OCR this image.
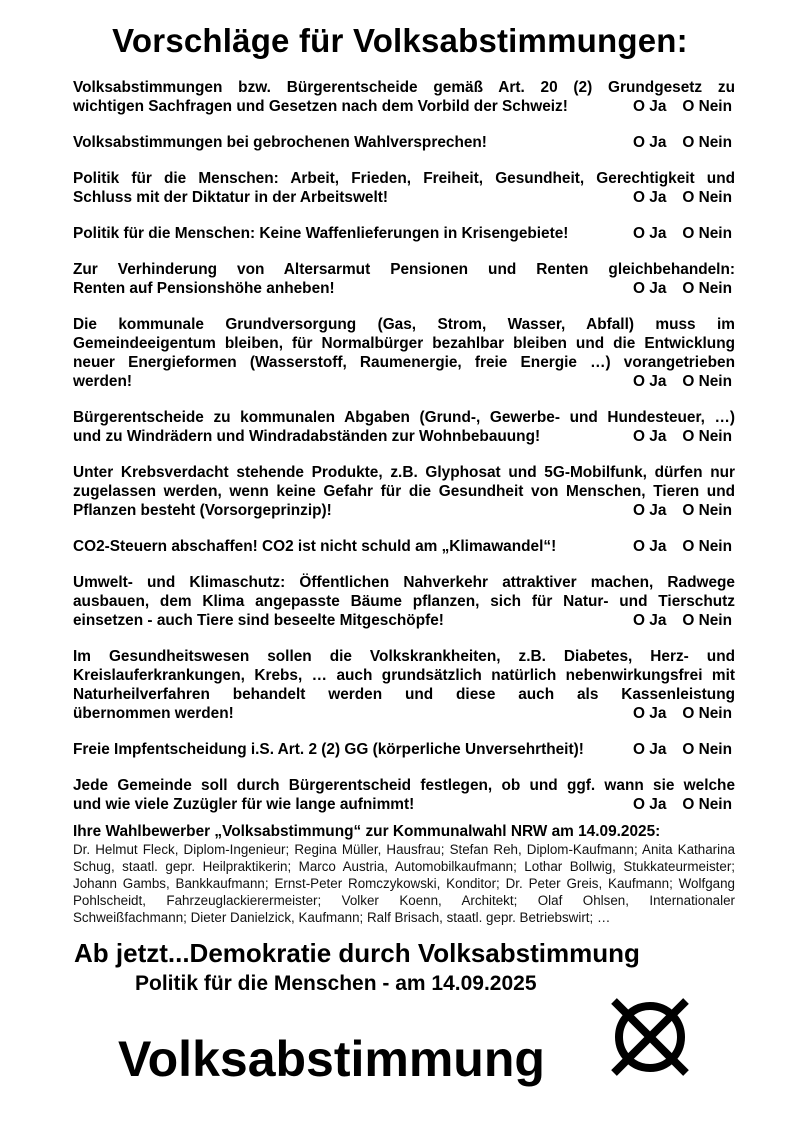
Vorschläge für Volksabstimmungen:
Volksabstimmungen bzw. Bürgerentscheide gemäß Art. 20 (2) Grundgesetz zu
wichtigen Sachfragen und Gesetzen nach dem Vorbild der Schweiz!	O Ja O Nein
Volksabstimmungen bei gebrochenen Wahlversprechen!	O Ja O Nein
Politik für die Menschen: Arbeit, Frieden, Freiheit, Gesundheit, Gerechtigkeit und
Schluss mit der Diktatur in der Arbeitswelt!	O Ja O Nein
Politik für die Menschen: Keine Waffenlieferungen in Krisengebiete!	O Ja O Nein
Zur Verhinderung von Altersarmut Pensionen und Renten gleichbehandeln:
Renten auf Pensionshöhe anheben!	O Ja O Nein
Die kommunale Grundversorgung (Gas, Strom, Wasser, Abfall) muss im Gemeindeeigentum bleiben, für Normalbürger bezahlbar bleiben und die Entwicklung neuer Energieformen (Wasserstoff, Raumenergie, freie Energie …) vorangetrieben
werden!	O Ja O Nein
Bürgerentscheide zu kommunalen Abgaben (Grund-, Gewerbe- und Hundesteuer, …)
und zu Windrädern und Windradabständen zur Wohnbebauung!	O Ja O Nein
Unter Krebsverdacht stehende Produkte, z.B. Glyphosat und 5G-Mobilfunk, dürfen nur zugelassen werden, wenn keine Gefahr für die Gesundheit von Menschen, Tieren und
Pflanzen besteht (Vorsorgeprinzip)!	O Ja O Nein
CO2-Steuern abschaffen! CO2 ist nicht schuld am „Klimawandel“!	O Ja O Nein
Umwelt- und Klimaschutz: Öffentlichen Nahverkehr attraktiver machen, Radwege ausbauen, dem Klima angepasste Bäume pflanzen, sich für Natur- und Tierschutz
einsetzen - auch Tiere sind beseelte Mitgeschöpfe!	O Ja O Nein
Im Gesundheitswesen sollen die Volkskrankheiten, z.B. Diabetes, Herz- und Kreislauferkrankungen, Krebs, … auch grundsätzlich natürlich nebenwirkungsfrei mit Naturheilverfahren behandelt werden und diese auch als Kassenleistung
übernommen werden!	O Ja O Nein
Freie Impfentscheidung i.S. Art. 2 (2) GG (körperliche Unversehrtheit)!	O Ja O Nein
Jede Gemeinde soll durch Bürgerentscheid festlegen, ob und ggf. wann sie welche
und wie viele Zuzügler für wie lange aufnimmt!	O Ja O Nein
Ihre Wahlbewerber „Volksabstimmung“ zur Kommunalwahl NRW am 14.09.2025:
Dr. Helmut Fleck, Diplom-Ingenieur; Regina Müller, Hausfrau; Stefan Reh, Diplom-Kaufmann; Anita Katharina Schug, staatl. gepr. Heilpraktikerin; Marco Austria, Automobilkaufmann; Lothar Bollwig, Stukkateurmeister; Johann Gambs, Bankkaufmann; Ernst-Peter Romczykowski, Konditor; Dr. Peter Greis, Kaufmann; Wolfgang Pohlscheidt, Fahrzeuglackierermeister; Volker Koenn, Architekt; Olaf Ohlsen, Internationaler Schweißfachmann; Dieter Danielzick, Kaufmann; Ralf Brisach, staatl. gepr. Betriebswirt; …
Ab jetzt...Demokratie durch Volksabstimmung
Politik für die Menschen - am 14.09.2025
Volksabstimmung
